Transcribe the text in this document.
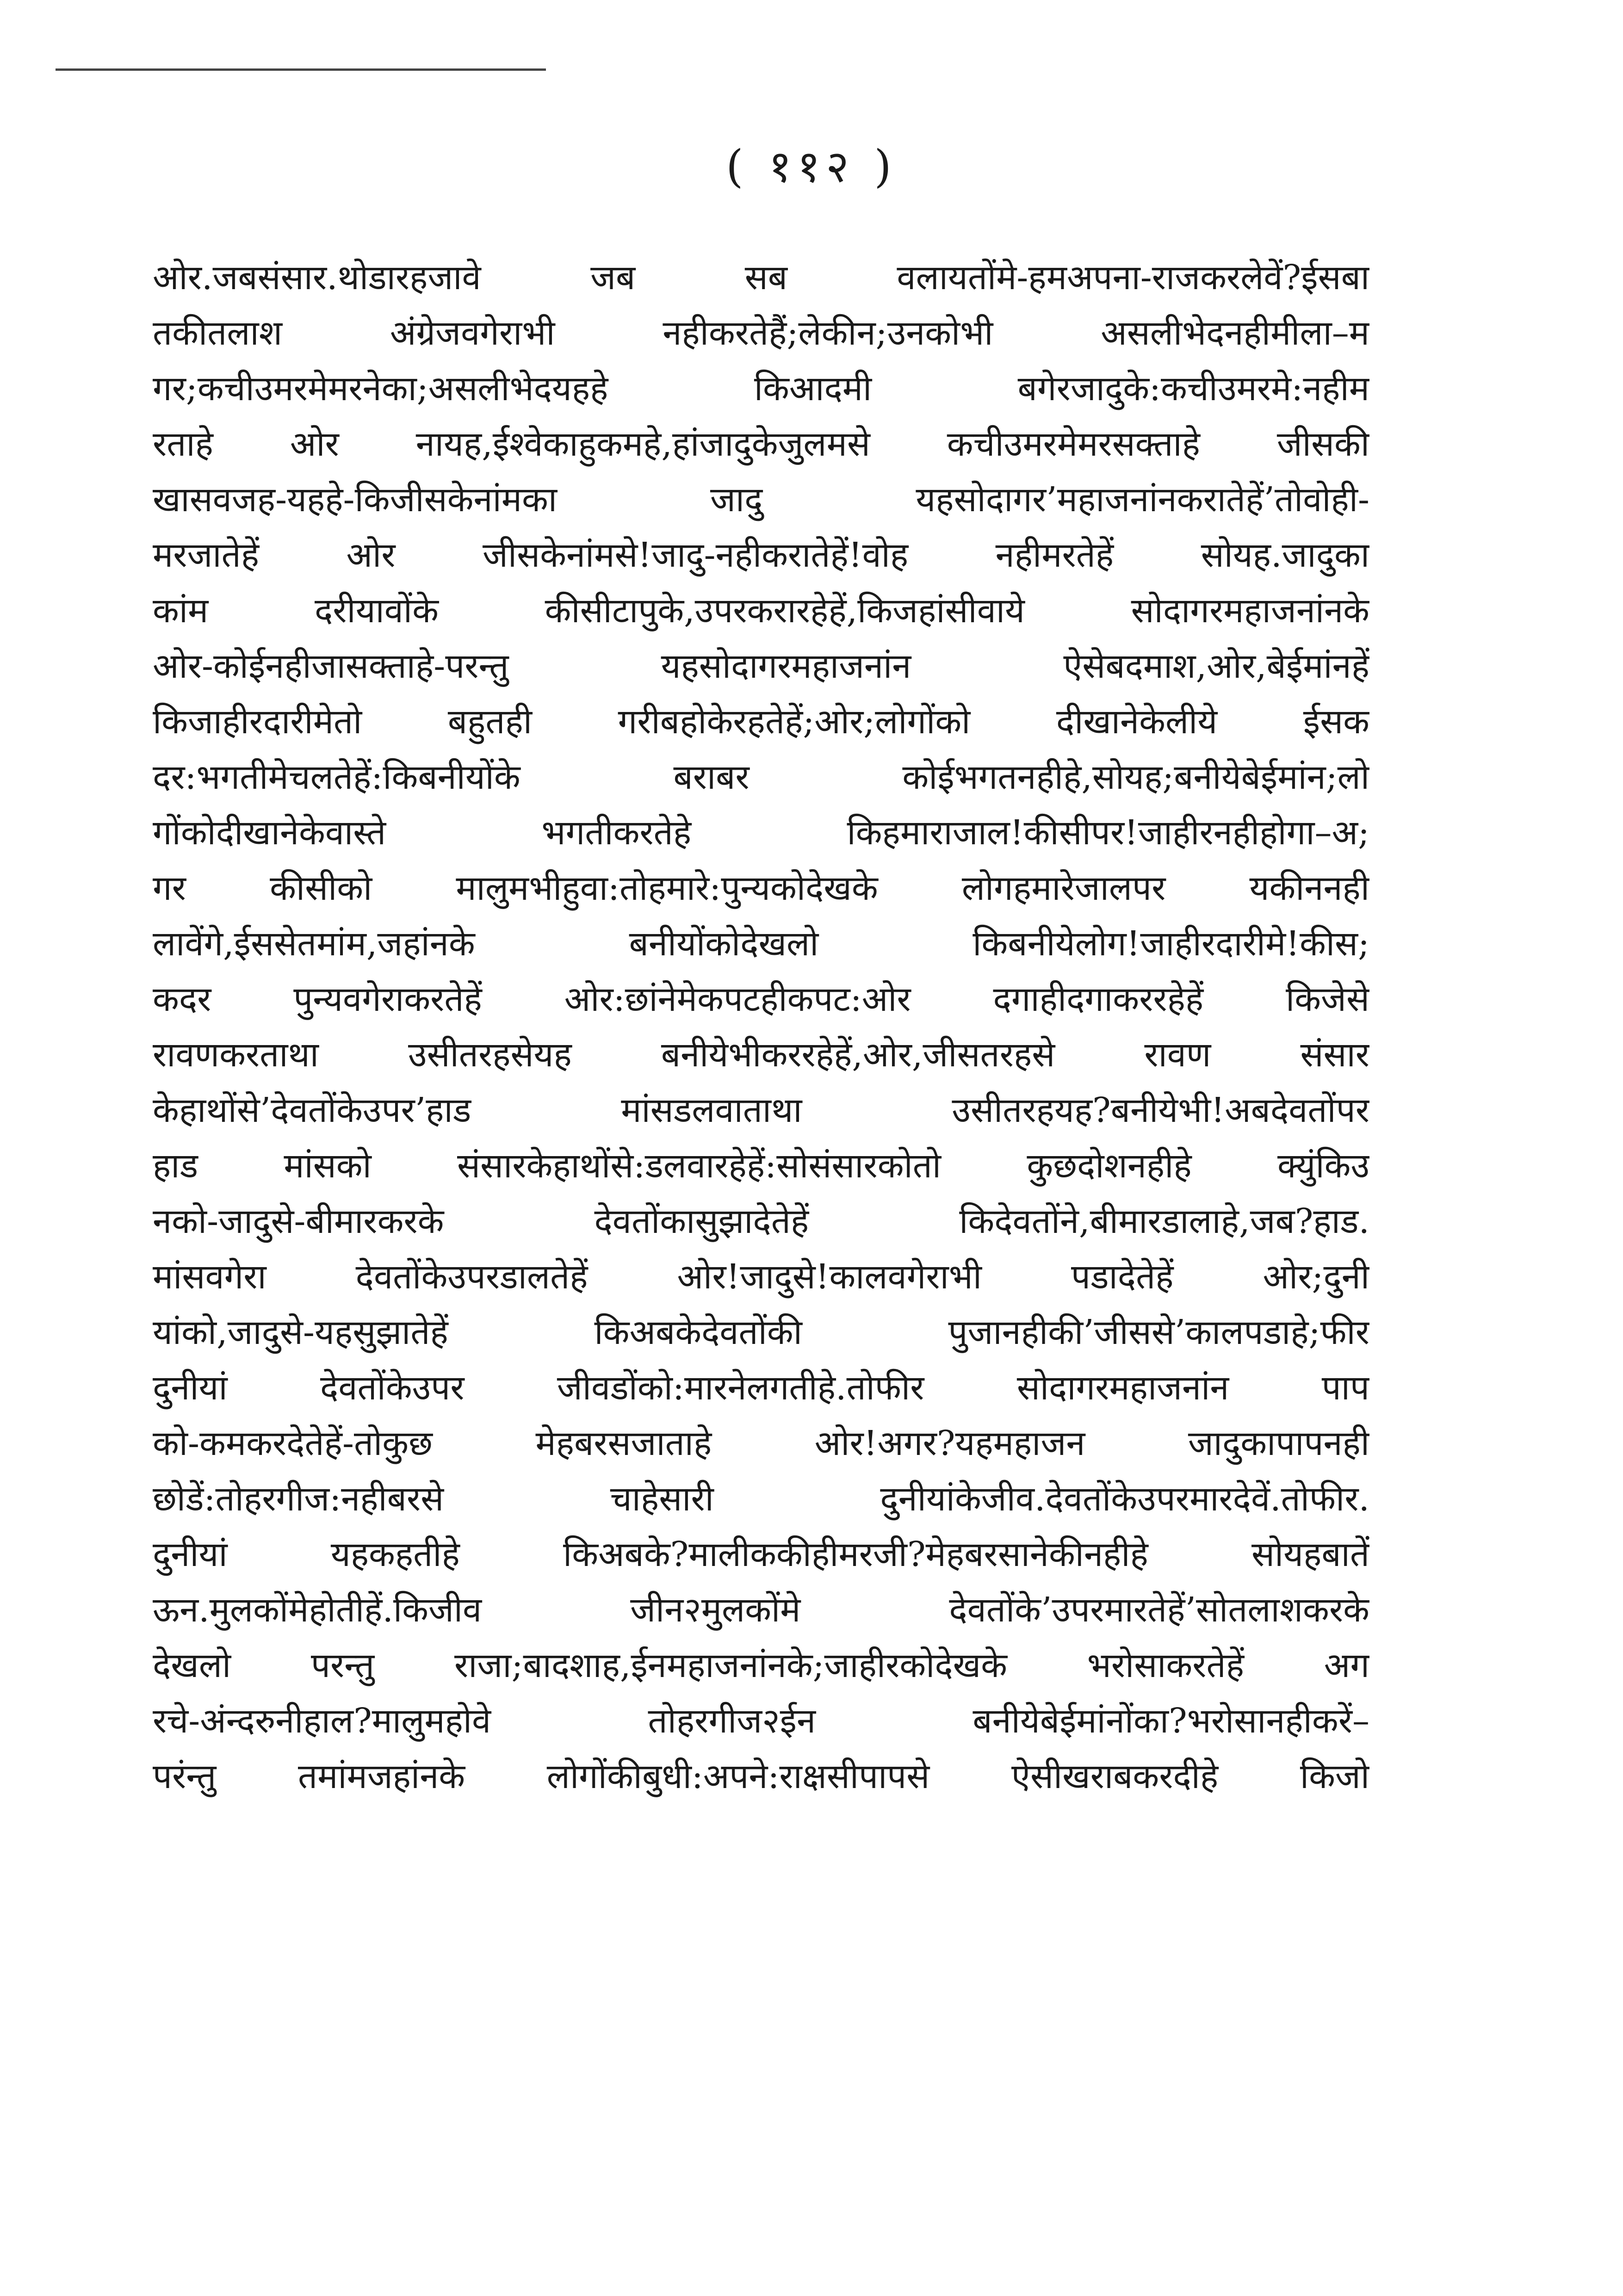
( ११२ )
ओर.जबसंसार.थोडारहजावे जब सब वलायतोंमे-हमअपना-राजकरलेवें?ईसबा
तकीतलाश अंग्रेजवगेराभी नहीकरतेहैं;लेकीन;उनकोभी असलीभेदनहीमीला–म
गर;कचीउमरमेमरनेका;असलीभेदयहहे किआदमी बगेरजादुके:कचीउमरमे:नहीम
रताहे ओर नायह,ईश्वेकाहुकमहे,हांजादुकेजुलमसे कचीउमरमेमरसक्ताहे जीसकी
खासवजह-यहहे-किजीसकेनांमका जादु यहसोदागर’महाजनांनकरातेहें’तोवोही-
मरजातेहें ओर जीसकेनांमसे!जादु-नहीकरातेहें!वोह नहीमरतेहें सोयह.जादुका
कांम दरीयावोंके कीसीटापुके,उपरकरारहेहें,किजहांसीवाये सोदागरमहाजनांनके
ओर-कोईनहीजासक्ताहे-परन्तु यहसोदागरमहाजनांन ऐसेबदमाश,ओर,बेईमांनहें
किजाहीरदारीमेतो बहुतही गरीबहोकेरहतेहें;ओर;लोगोंको दीखानेकेलीये ईसक
दर:भगतीमेचलतेहें:किबनीयोंके बराबर कोईभगतनहीहे,सोयह;बनीयेबेईमांन;लो
गोंकोदीखानेकेवास्ते भगतीकरतेहे किहमाराजाल!कीसीपर!जाहीरनहीहोगा–अ;
गर कीसीको मालुमभीहुवा:तोहमारे:पुन्यकोदेखके लोगहमारेजालपर यकीननही
लावेंगे,ईससेतमांम,जहांनके बनीयोंकोदेखलो किबनीयेलोग!जाहीरदारीमे!कीस;
कदर पुन्यवगेराकरतेहें ओर:छांनेमेकपटहीकपट:ओर दगाहीदगाकररहेहें किजेसे
रावणकरताथा उसीतरहसेयह बनीयेभीकररहेहें,ओर,जीसतरहसे रावण संसार
केहाथोंसे’देवतोंकेउपर’हाड मांसडलवाताथा उसीतरहयह?बनीयेभी!अबदेवतोंपर
हाड मांसको संसारकेहाथोंसे:डलवारहेहें:सोसंसारकोतो कुछदोशनहीहे क्युंकिउ
नको-जादुसे-बीमारकरके देवतोंकासुझादेतेहें किदेवतोंने,बीमारडालाहे,जब?हाड.
मांसवगेरा देवतोंकेउपरडालतेहें ओर!जादुसे!कालवगेराभी पडादेतेहें ओर;दुनी
यांको,जादुसे-यहसुझातेहें किअबकेदेवतोंकी पुजानहीकी’जीससे’कालपडाहे;फीर
दुनीयां देवतोंकेउपर जीवडोंको:मारनेलगतीहे.तोफीर सोदागरमहाजनांन पाप
को-कमकरदेतेहें-तोकुछ मेहबरसजाताहे ओर!अगर?यहमहाजन जादुकापापनही
छोडें:तोहरगीज:नहीबरसे चाहेसारी दुनीयांकेजीव.देवतोंकेउपरमारदेवें.तोफीर.
दुनीयां यहकहतीहे किअबके?मालीककीहीमरजी?मेहबरसानेकीनहीहे सोयहबातें
ऊन.मुलकोंमेहोतीहें.किजीव जीन२मुलकोंमे देवतोंके’उपरमारतेहें’सोतलाशकरके
देखलो परन्तु राजा;बादशाह,ईनमहाजनांनके;जाहीरकोदेखके भरोसाकरतेहें अग
रचे-अंन्दरुनीहाल?मालुमहोवे तोहरगीज२ईन बनीयेबेईमांनोंका?भरोसानहीकरें–
परंन्तु तमांमजहांनके लोगोंकीबुधी:अपने:राक्षसीपापसे ऐसीखराबकरदीहे किजो
